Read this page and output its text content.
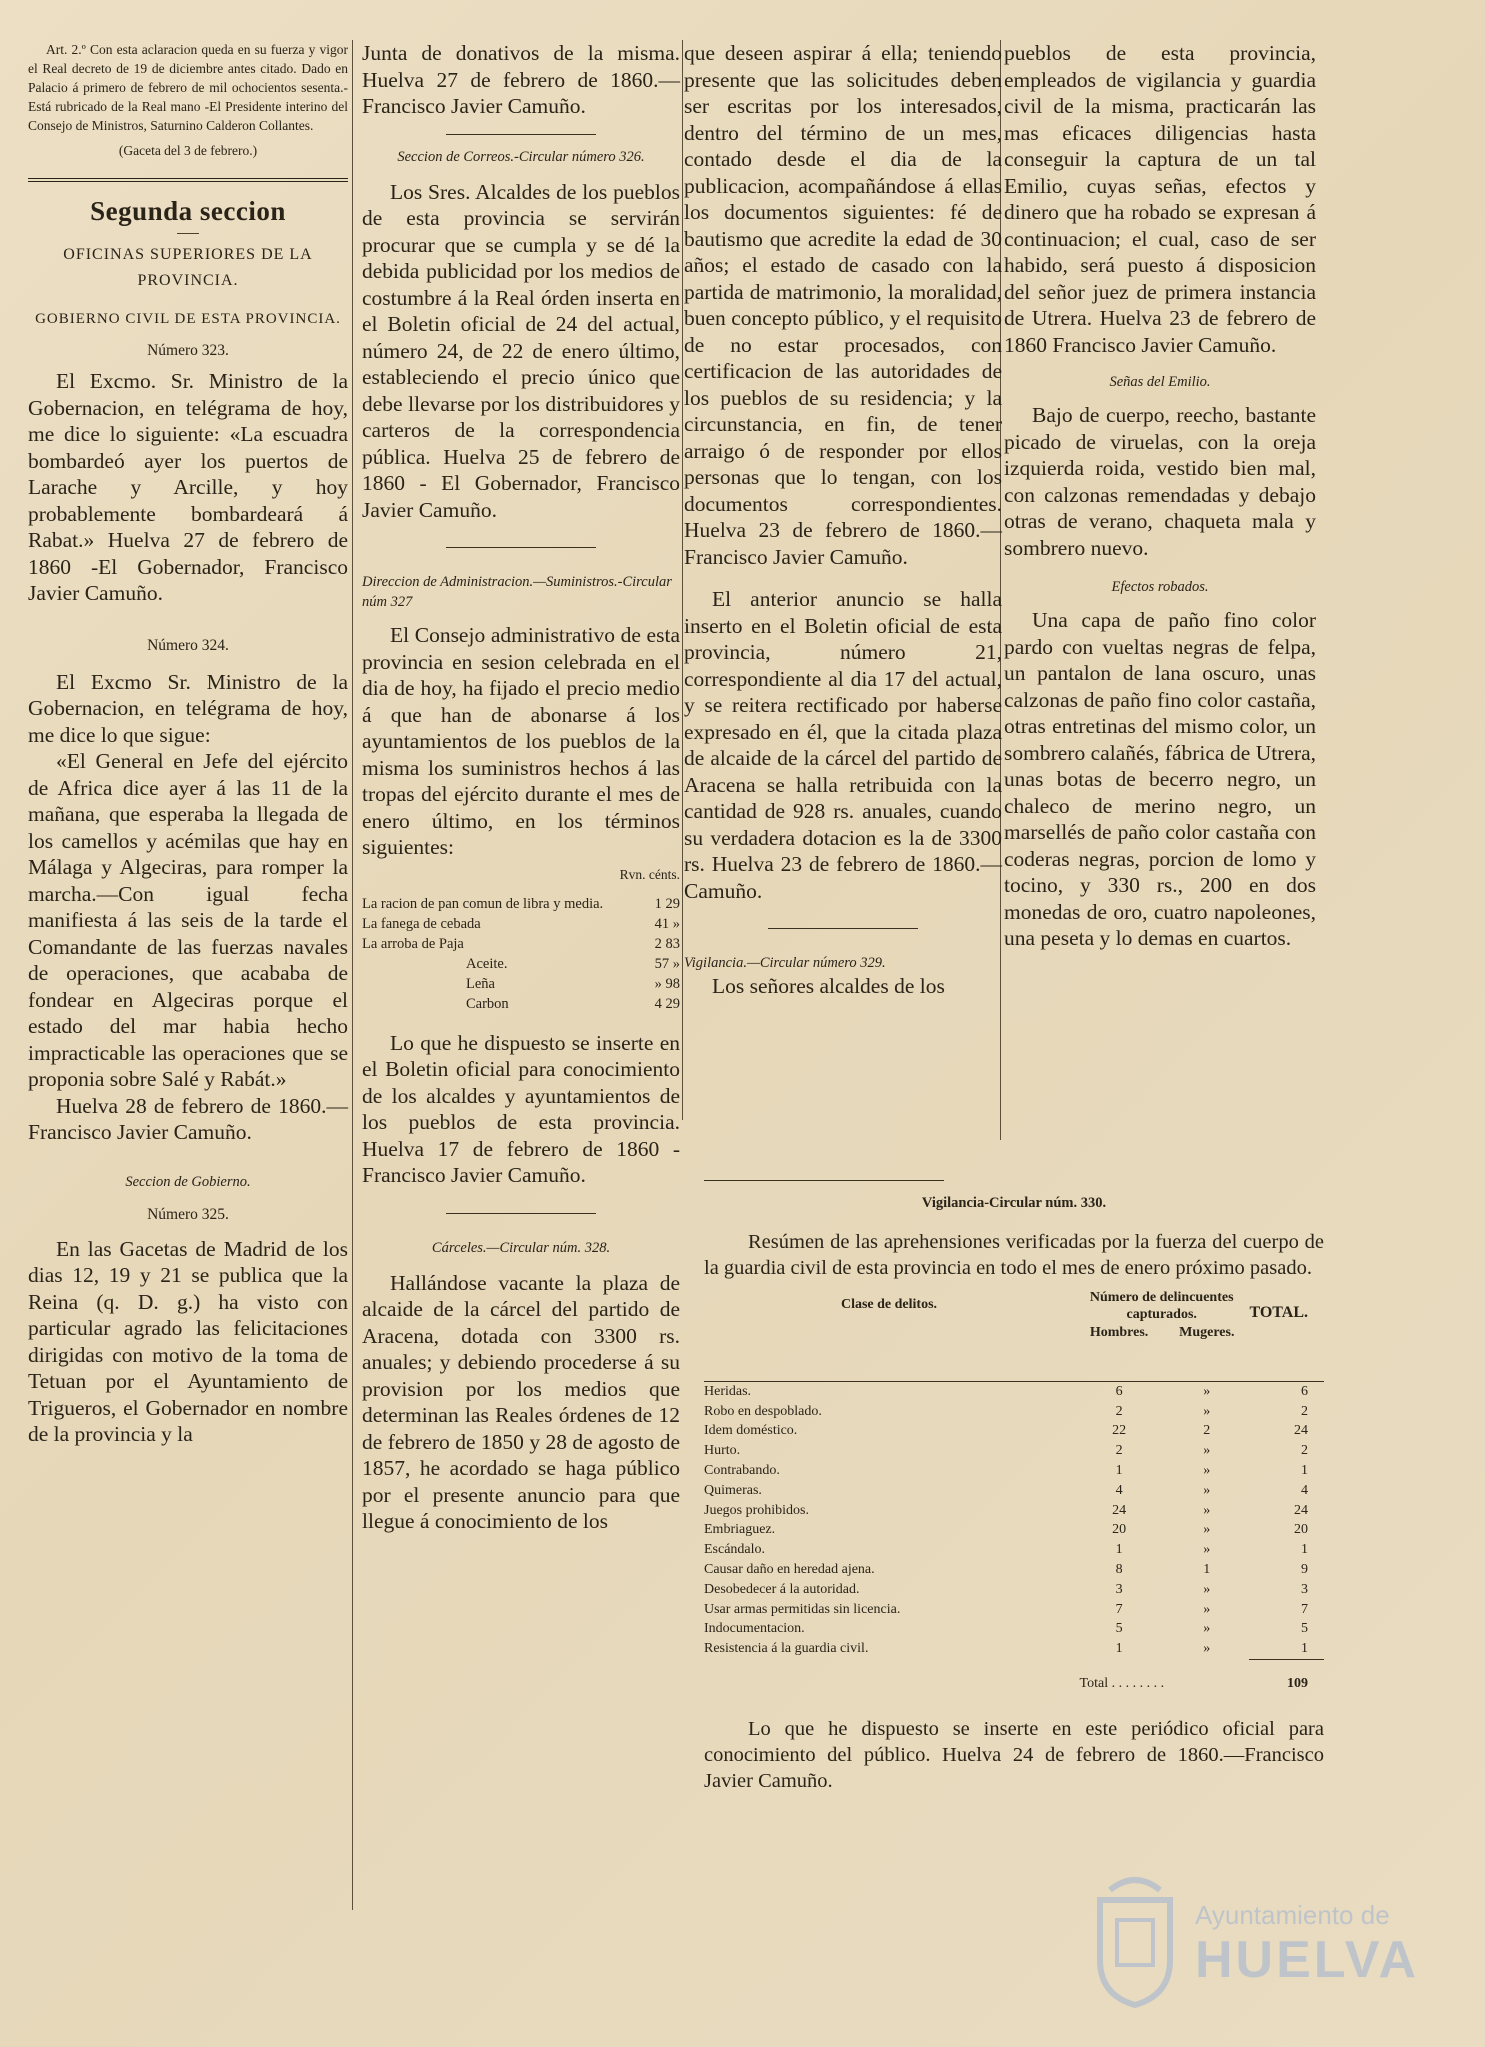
Art. 2.º Con esta aclaracion queda en su fuerza y vigor el Real decreto de 19 de diciembre antes citado. Dado en Palacio á primero de febrero de mil ochocientos sesenta.-Está rubricado de la Real mano -El Presidente interino del Consejo de Ministros, Saturnino Calderon Collantes.

(Gaceta del 3 de febrero.)

Segunda seccion

OFICINAS SUPERIORES DE LA PROVINCIA.

GOBIERNO CIVIL DE ESTA PROVINCIA.

Número 323.

El Excmo. Sr. Ministro de la Gobernacion, en telégrama de hoy, me dice lo siguiente: «La escuadra bombardeó ayer los puertos de Larache y Arcille, y hoy probablemente bombardeará á Rabat.» Huelva 27 de febrero de 1860 -El Gobernador, Francisco Javier Camuño.

Número 324.

El Excmo Sr. Ministro de la Gobernacion, en telégrama de hoy, me dice lo que sigue:

«El General en Jefe del ejército de Africa dice ayer á las 11 de la mañana, que esperaba la llegada de los camellos y acémilas que hay en Málaga y Algeciras, para romper la marcha.—Con igual fecha manifiesta á las seis de la tarde el Comandante de las fuerzas navales de operaciones, que acababa de fondear en Algeciras porque el estado del mar habia hecho impracticable las operaciones que se proponia sobre Salé y Rabát.»

Huelva 28 de febrero de 1860.—Francisco Javier Camuño.

Seccion de Gobierno.

Número 325.

En las Gacetas de Madrid de los dias 12, 19 y 21 se publica que la Reina (q. D. g.) ha visto con particular agrado las felicitaciones dirigidas con motivo de la toma de Tetuan por el Ayuntamiento de Trigueros, el Gobernador en nombre de la provincia y la

Junta de donativos de la misma. Huelva 27 de febrero de 1860.—Francisco Javier Camuño.

Seccion de Correos.-Circular número 326.

Los Sres. Alcaldes de los pueblos de esta provincia se servirán procurar que se cumpla y se dé la debida publicidad por los medios de costumbre á la Real órden inserta en el Boletin oficial de 24 del actual, número 24, de 22 de enero último, estableciendo el precio único que debe llevarse por los distribuidores y carteros de la correspondencia pública. Huelva 25 de febrero de 1860 - El Gobernador, Francisco Javier Camuño.

Direccion de Administracion.—Suministros.-Circular núm 327

El Consejo administrativo de esta provincia en sesion celebrada en el dia de hoy, ha fijado el precio medio á que han de abonarse á los ayuntamientos de los pueblos de la misma los suministros hechos á las tropas del ejército durante el mes de enero último, en los términos siguientes:

Rvn. cénts.

La racion de pan comun de libra y media.	1 29
La fanega de cebada	41 »
La arroba de Paja	2 83
Aceite.	57 »
Leña	» 98
Carbon	4 29

Lo que he dispuesto se inserte en el Boletin oficial para conocimiento de los alcaldes y ayuntamientos de los pueblos de esta provincia. Huelva 17 de febrero de 1860 -Francisco Javier Camuño.

Cárceles.—Circular núm. 328.

Hallándose vacante la plaza de alcaide de la cárcel del partido de Aracena, dotada con 3300 rs. anuales; y debiendo procederse á su provision por los medios que determinan las Reales órdenes de 12 de febrero de 1850 y 28 de agosto de 1857, he acordado se haga público por el presente anuncio para que llegue á conocimiento de los

que deseen aspirar á ella; teniendo presente que las solicitudes deben ser escritas por los interesados, dentro del término de un mes, contado desde el dia de la publicacion, acompañándose á ellas los documentos siguientes: fé de bautismo que acredite la edad de 30 años; el estado de casado con la partida de matrimonio, la moralidad, buen concepto público, y el requisito de no estar procesados, con certificacion de las autoridades de los pueblos de su residencia; y la circunstancia, en fin, de tener arraigo ó de responder por ellos personas que lo tengan, con los documentos correspondientes. Huelva 23 de febrero de 1860.—Francisco Javier Camuño.

El anterior anuncio se halla inserto en el Boletin oficial de esta provincia, número 21, correspondiente al dia 17 del actual, y se reitera rectificado por haberse expresado en él, que la citada plaza de alcaide de la cárcel del partido de Aracena se halla retribuida con la cantidad de 928 rs. anuales, cuando su verdadera dotacion es la de 3300 rs. Huelva 23 de febrero de 1860.—Camuño.

Vigilancia.—Circular número 329.

Los señores alcaldes de los

pueblos de esta provincia, empleados de vigilancia y guardia civil de la misma, practicarán las mas eficaces diligencias hasta conseguir la captura de un tal Emilio, cuyas señas, efectos y dinero que ha robado se expresan á continuacion; el cual, caso de ser habido, será puesto á disposicion del señor juez de primera instancia de Utrera. Huelva 23 de febrero de 1860 Francisco Javier Camuño.

Señas del Emilio.

Bajo de cuerpo, reecho, bastante picado de viruelas, con la oreja izquierda roida, vestido bien mal, con calzonas remendadas y debajo otras de verano, chaqueta mala y sombrero nuevo.

Efectos robados.

Una capa de paño fino color pardo con vueltas negras de felpa, un pantalon de lana oscuro, unas calzonas de paño fino color castaña, otras entretinas del mismo color, un sombrero calañés, fábrica de Utrera, unas botas de becerro negro, un chaleco de merino negro, un marsellés de paño color castaña con coderas negras, porcion de lomo y tocino, y 330 rs., 200 en dos monedas de oro, cuatro napoleones, una peseta y lo demas en cuartos.

Vigilancia-Circular núm. 330.

Resúmen de las aprehensiones verificadas por la fuerza del cuerpo de la guardia civil de esta provincia en todo el mes de enero próximo pasado.

Clase de delitos.	Número de delincuentes capturados.		TOTAL.
	Hombres.	Mugeres.	

Heridas.	6	»	6
Robo en despoblado.	2	»	2
Idem doméstico.	22	2	24
Hurto.	2	»	2
Contrabando.	1	»	1
Quimeras.	4	»	4
Juegos prohibidos.	24	»	24
Embriaguez.	20	»	20
Escándalo.	1	»	1
Causar daño en heredad ajena.	8	1	9
Desobedecer á la autoridad.	3	»	3
Usar armas permitidas sin licencia.	7	»	7
Indocumentacion.	5	»	5
Resistencia á la guardia civil.	1	»	1

Total . . . . . . . .			109

Lo que he dispuesto se inserte en este periódico oficial para conocimiento del público. Huelva 24 de febrero de 1860.—Francisco Javier Camuño.

Ayuntamiento de
HUELVA
